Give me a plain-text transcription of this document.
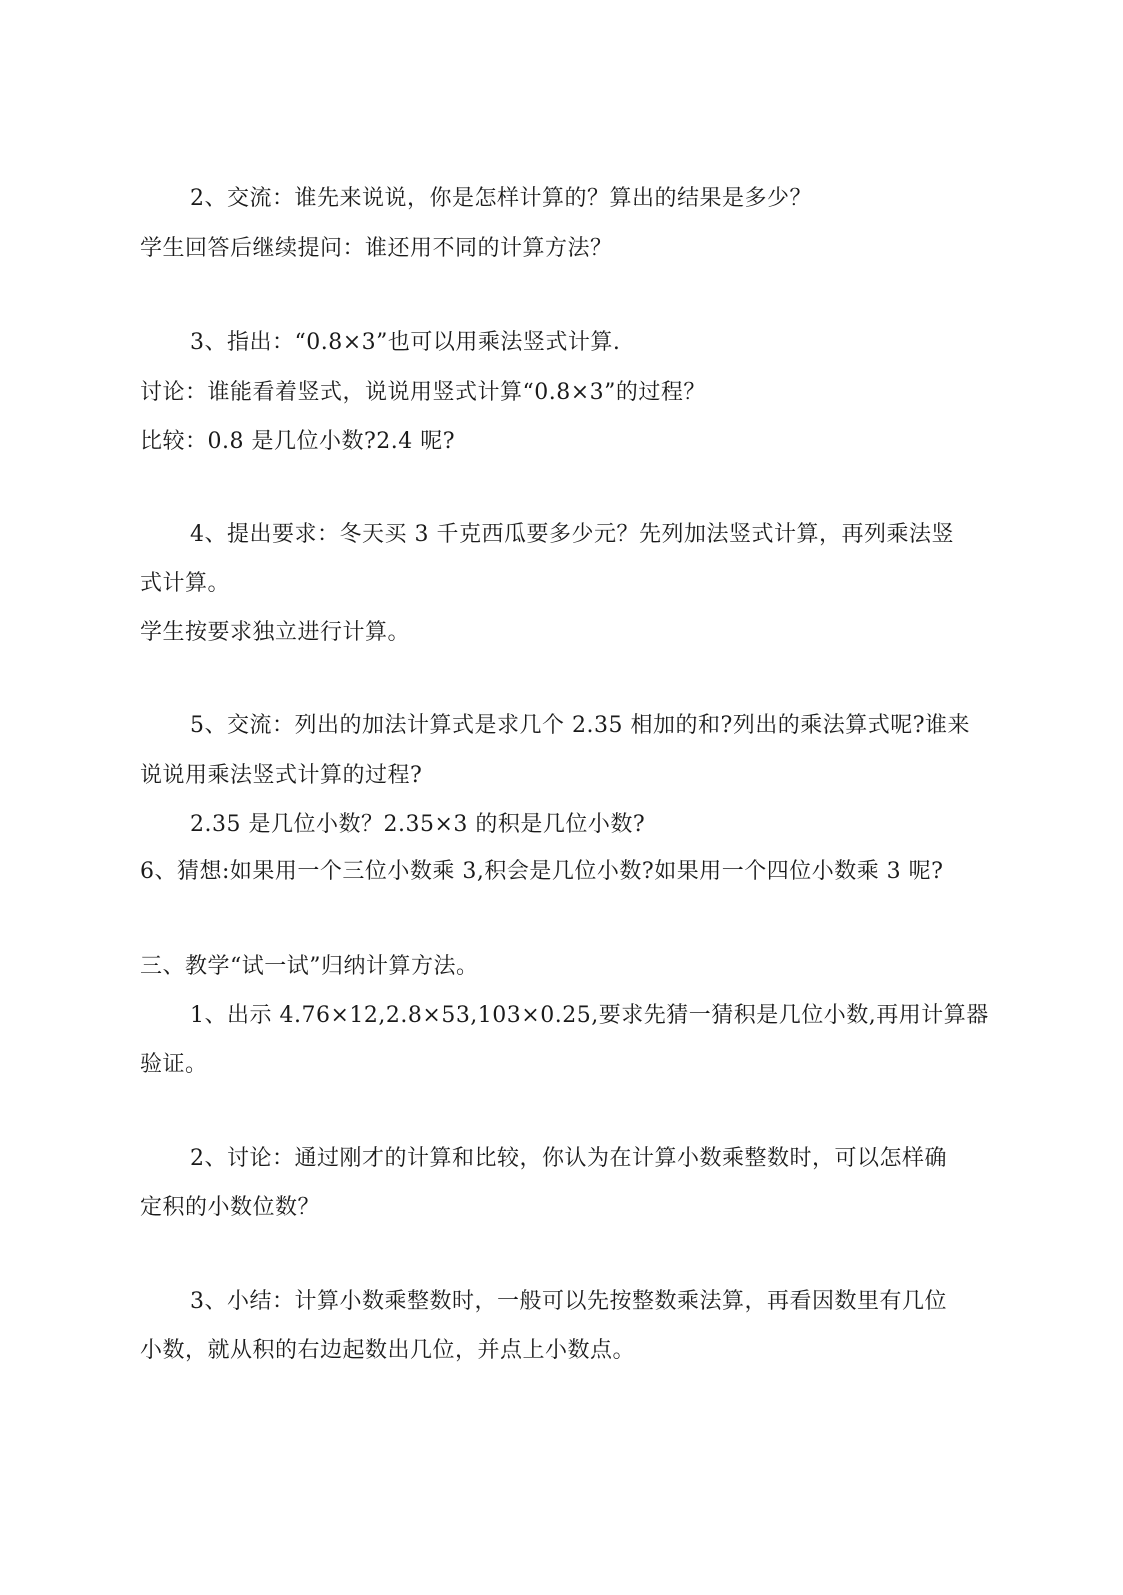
2、交流：谁先来说说，你是怎样计算的？算出的结果是多少？
学生回答后继续提问：谁还用不同的计算方法？
3、指出：“0.8×3”也可以用乘法竖式计算.
讨论：谁能看着竖式，说说用竖式计算“0.8×3”的过程？
比较：0.8 是几位小数?2.4 呢?
4、提出要求：冬天买 3 千克西瓜要多少元？先列加法竖式计算，再列乘法竖
式计算。
学生按要求独立进行计算。
5、交流：列出的加法计算式是求几个 2.35 相加的和?列出的乘法算式呢?谁来
说说用乘法竖式计算的过程?
2.35 是几位小数？2.35×3 的积是几位小数?
6、猜想:如果用一个三位小数乘 3,积会是几位小数?如果用一个四位小数乘 3 呢?
三、教学“试一试”归纳计算方法。
1、出示 4.76×12,2.8×53,103×0.25,要求先猜一猜积是几位小数,再用计算器
验证。
2、讨论：通过刚才的计算和比较，你认为在计算小数乘整数时，可以怎样确
定积的小数位数？
3、小结：计算小数乘整数时，一般可以先按整数乘法算，再看因数里有几位
小数，就从积的右边起数出几位，并点上小数点。
